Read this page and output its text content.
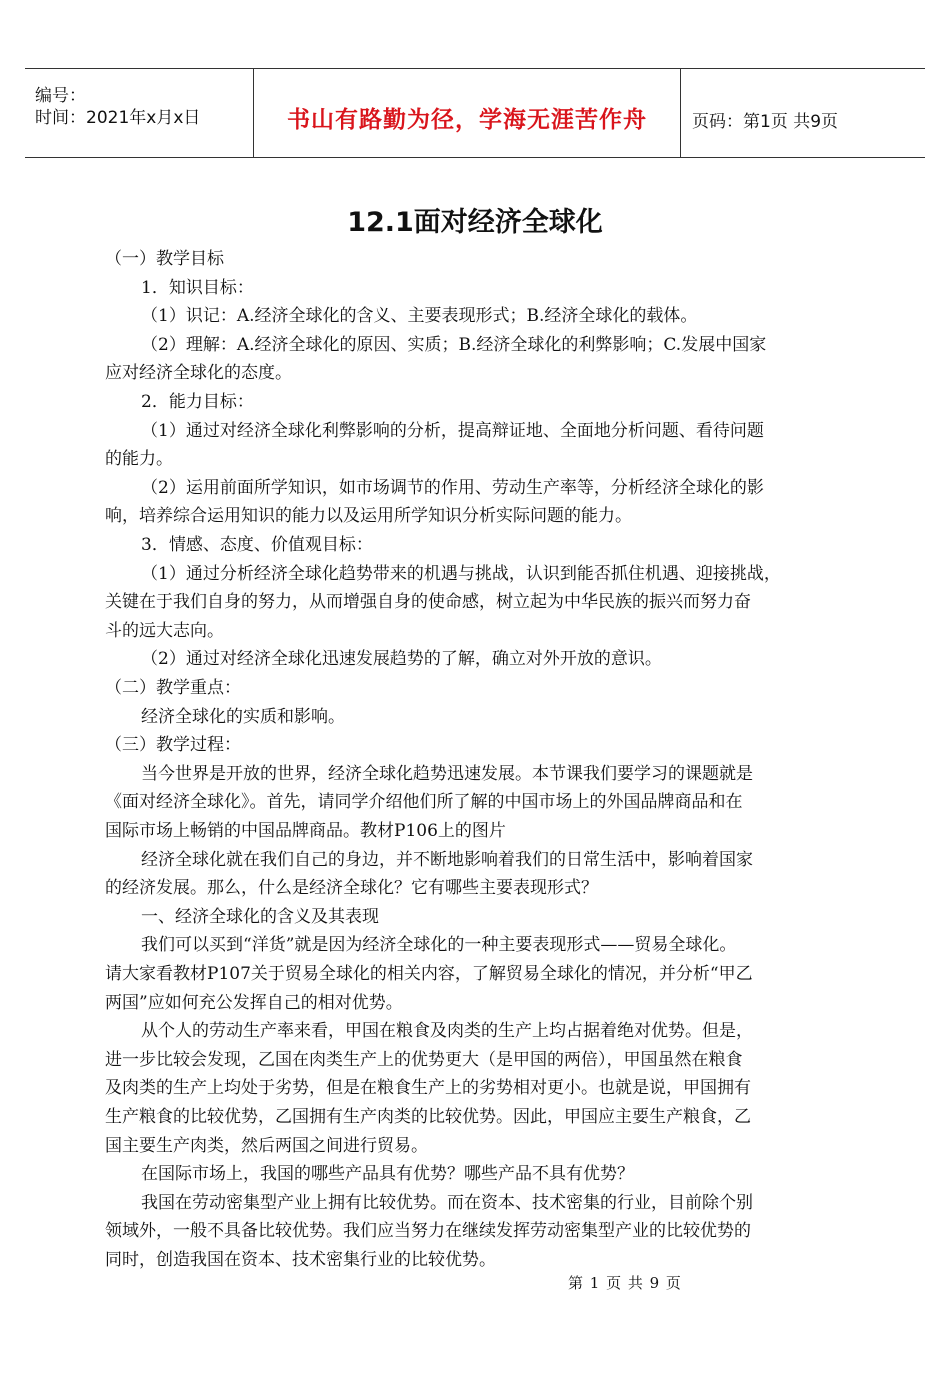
编号：
时间：2021年x月x日	书山有路勤为径，学海无涯苦作舟	页码：第1页 共9页
12.1面对经济全球化
（一）教学目标
1．知识目标：
（1）识记：A.经济全球化的含义、主要表现形式；B.经济全球化的载体。
（2）理解：A.经济全球化的原因、实质；B.经济全球化的利弊影响；C.发展中国家
应对经济全球化的态度。
2．能力目标：
（1）通过对经济全球化利弊影响的分析，提高辩证地、全面地分析问题、看待问题
的能力。
（2）运用前面所学知识，如市场调节的作用、劳动生产率等，分析经济全球化的影
响，培养综合运用知识的能力以及运用所学知识分析实际问题的能力。
3．情感、态度、价值观目标：
（1）通过分析经济全球化趋势带来的机遇与挑战，认识到能否抓住机遇、迎接挑战，
关键在于我们自身的努力，从而增强自身的使命感，树立起为中华民族的振兴而努力奋
斗的远大志向。
（2）通过对经济全球化迅速发展趋势的了解，确立对外开放的意识。
（二）教学重点：
经济全球化的实质和影响。
（三）教学过程：
当今世界是开放的世界，经济全球化趋势迅速发展。本节课我们要学习的课题就是
《面对经济全球化》。首先，请同学介绍他们所了解的中国市场上的外国品牌商品和在
国际市场上畅销的中国品牌商品。教材P106上的图片
经济全球化就在我们自己的身边，并不断地影响着我们的日常生活中，影响着国家
的经济发展。那么，什么是经济全球化？它有哪些主要表现形式？
一、经济全球化的含义及其表现
我们可以买到“洋货”就是因为经济全球化的一种主要表现形式——贸易全球化。
请大家看教材P107关于贸易全球化的相关内容，了解贸易全球化的情况，并分析“甲乙
两国”应如何充公发挥自己的相对优势。
从个人的劳动生产率来看，甲国在粮食及肉类的生产上均占据着绝对优势。但是，
进一步比较会发现，乙国在肉类生产上的优势更大（是甲国的两倍），甲国虽然在粮食
及肉类的生产上均处于劣势，但是在粮食生产上的劣势相对更小。也就是说，甲国拥有
生产粮食的比较优势，乙国拥有生产肉类的比较优势。因此，甲国应主要生产粮食，乙
国主要生产肉类，然后两国之间进行贸易。
在国际市场上，我国的哪些产品具有优势？哪些产品不具有优势？
我国在劳动密集型产业上拥有比较优势。而在资本、技术密集的行业，目前除个别
领域外，一般不具备比较优势。我们应当努力在继续发挥劳动密集型产业的比较优势的
同时，创造我国在资本、技术密集行业的比较优势。
第 1 页 共 9 页
